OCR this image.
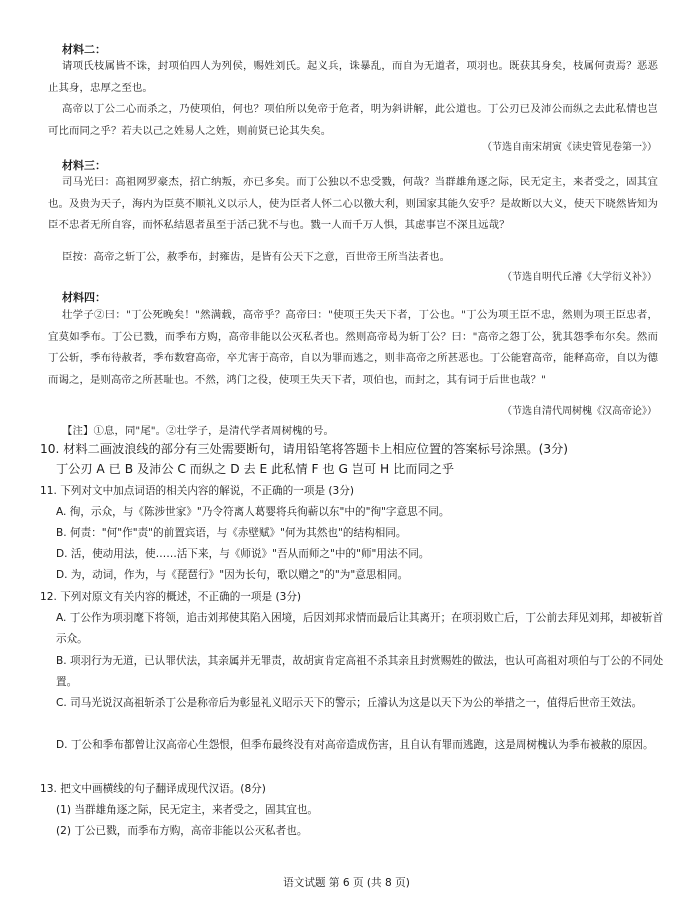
材料二：

请项氏枝属皆不诛，封项伯四人为列侯，赐姓刘氏。起义兵，诛暴乱，而自为无道者，项羽也。既获其身矣，枝属何责焉？恶恶止其身，忠厚之至也。

高帝以丁公二心而杀之，乃使项伯，何也？项伯所以免帝于危者，明为斜讲解，此公道也。丁公刃已及沛公而纵之去此私情也岂可比而同之乎？若夫以己之姓易人之姓，则前贤已论其失矣。

（节选自南宋胡寅《读史管见卷第一》）
材料三：

司马光曰：高祖网罗豪杰，招亡纳叛，亦已多矣。而丁公独以不忠受戮，何哉？当群雄角逐之际，民无定主，来者受之，固其宜也。及贵为天子，海内为臣莫不顺礼义以示人，使为臣者人怀二心以徼大利，则国家其能久安乎？是故断以大义，使天下晓然皆知为臣不忠者无所自容，而怀私结恩者虽至于活己犹不与也。戮一人而千万人惧，其虑事岂不深且远哉？

臣按：高帝之斩丁公，赦季布，封雍齿，是皆有公天下之意，百世帝王所当法者也。

（节选自明代丘濬《大学衍义补》）
材料四：

壮学子②曰："丁公死晚矣！"然满载，高帝乎？高帝曰："使项王失天下者，丁公也。"丁公为项王臣不忠，然则为项王臣忠者，宜莫如季布。丁公已戮，而季布方购，高帝非能以公灭私者也。然则高帝曷为斩丁公？曰："高帝之怨丁公，犹其怨季布尔矣。然而丁公斩，季布待赦者，季布数窘高帝，卒尤害于高帝，自以为罪而逃之，则非高帝之所甚恶也。丁公能窘高帝，能释高帝，自以为德而谒之，是则高帝之所甚耻也。不然，鸿门之役，使项王失天下者，项伯也，而封之，其有词于后世也哉？"

（节选自清代周树槐《汉高帝论》）

【注】①息，同"尾"。②壮学子，是清代学者周树槐的号。

10. 材料二画波浪线的部分有三处需要断句，请用铅笔将答题卡上相应位置的答案标号涂黑。(3分)

丁公刃 A 已 B 及沛公 C 而纵之 D 去 E 此私情 F 也 G 岂可 H 比而同之乎

11. 下列对文中加点词语的相关内容的解说，不正确的一项是 (3分)

A. 徇，示众，与《陈涉世家》"乃令符离人葛婴将兵徇蕲以东"中的"徇"字意思不同。

B. 何责："何"作"责"的前置宾语，与《赤壁赋》"何为其然也"的结构相同。

D. 活，使动用法，使……活下来，与《师说》"吾从而师之"中的"师"用法不同。

D. 为，动词，作为，与《琵琶行》"因为长句，歌以赠之"的"为"意思相同。

12. 下列对原文有关内容的概述，不正确的一项是 (3分)

A. 丁公作为项羽麾下将领，追击刘邦使其陷入困境，后因刘邦求情而最后让其离开；在项羽败亡后，丁公前去拜见刘邦，却被斩首示众。

B. 项羽行为无道，已认罪伏法，其亲属并无罪责，故胡寅肯定高祖不杀其亲且封赏赐姓的做法，也认可高祖对项伯与丁公的不同处置。

C. 司马光说汉高祖斩杀丁公是称帝后为彰显礼义昭示天下的警示；丘濬认为这是以天下为公的举措之一，值得后世帝王效法。

D. 丁公和季布都曾让汉高帝心生怨恨，但季布最终没有对高帝造成伤害，且自认有罪而逃跑，这是周树槐认为季布被赦的原因。

13. 把文中画横线的句子翻译成现代汉语。(8分)

(1) 当群雄角逐之际，民无定主，来者受之，固其宜也。

(2) 丁公已戮，而季布方购，高帝非能以公灭私者也。

语文试题 第 6 页 (共 8 页)
